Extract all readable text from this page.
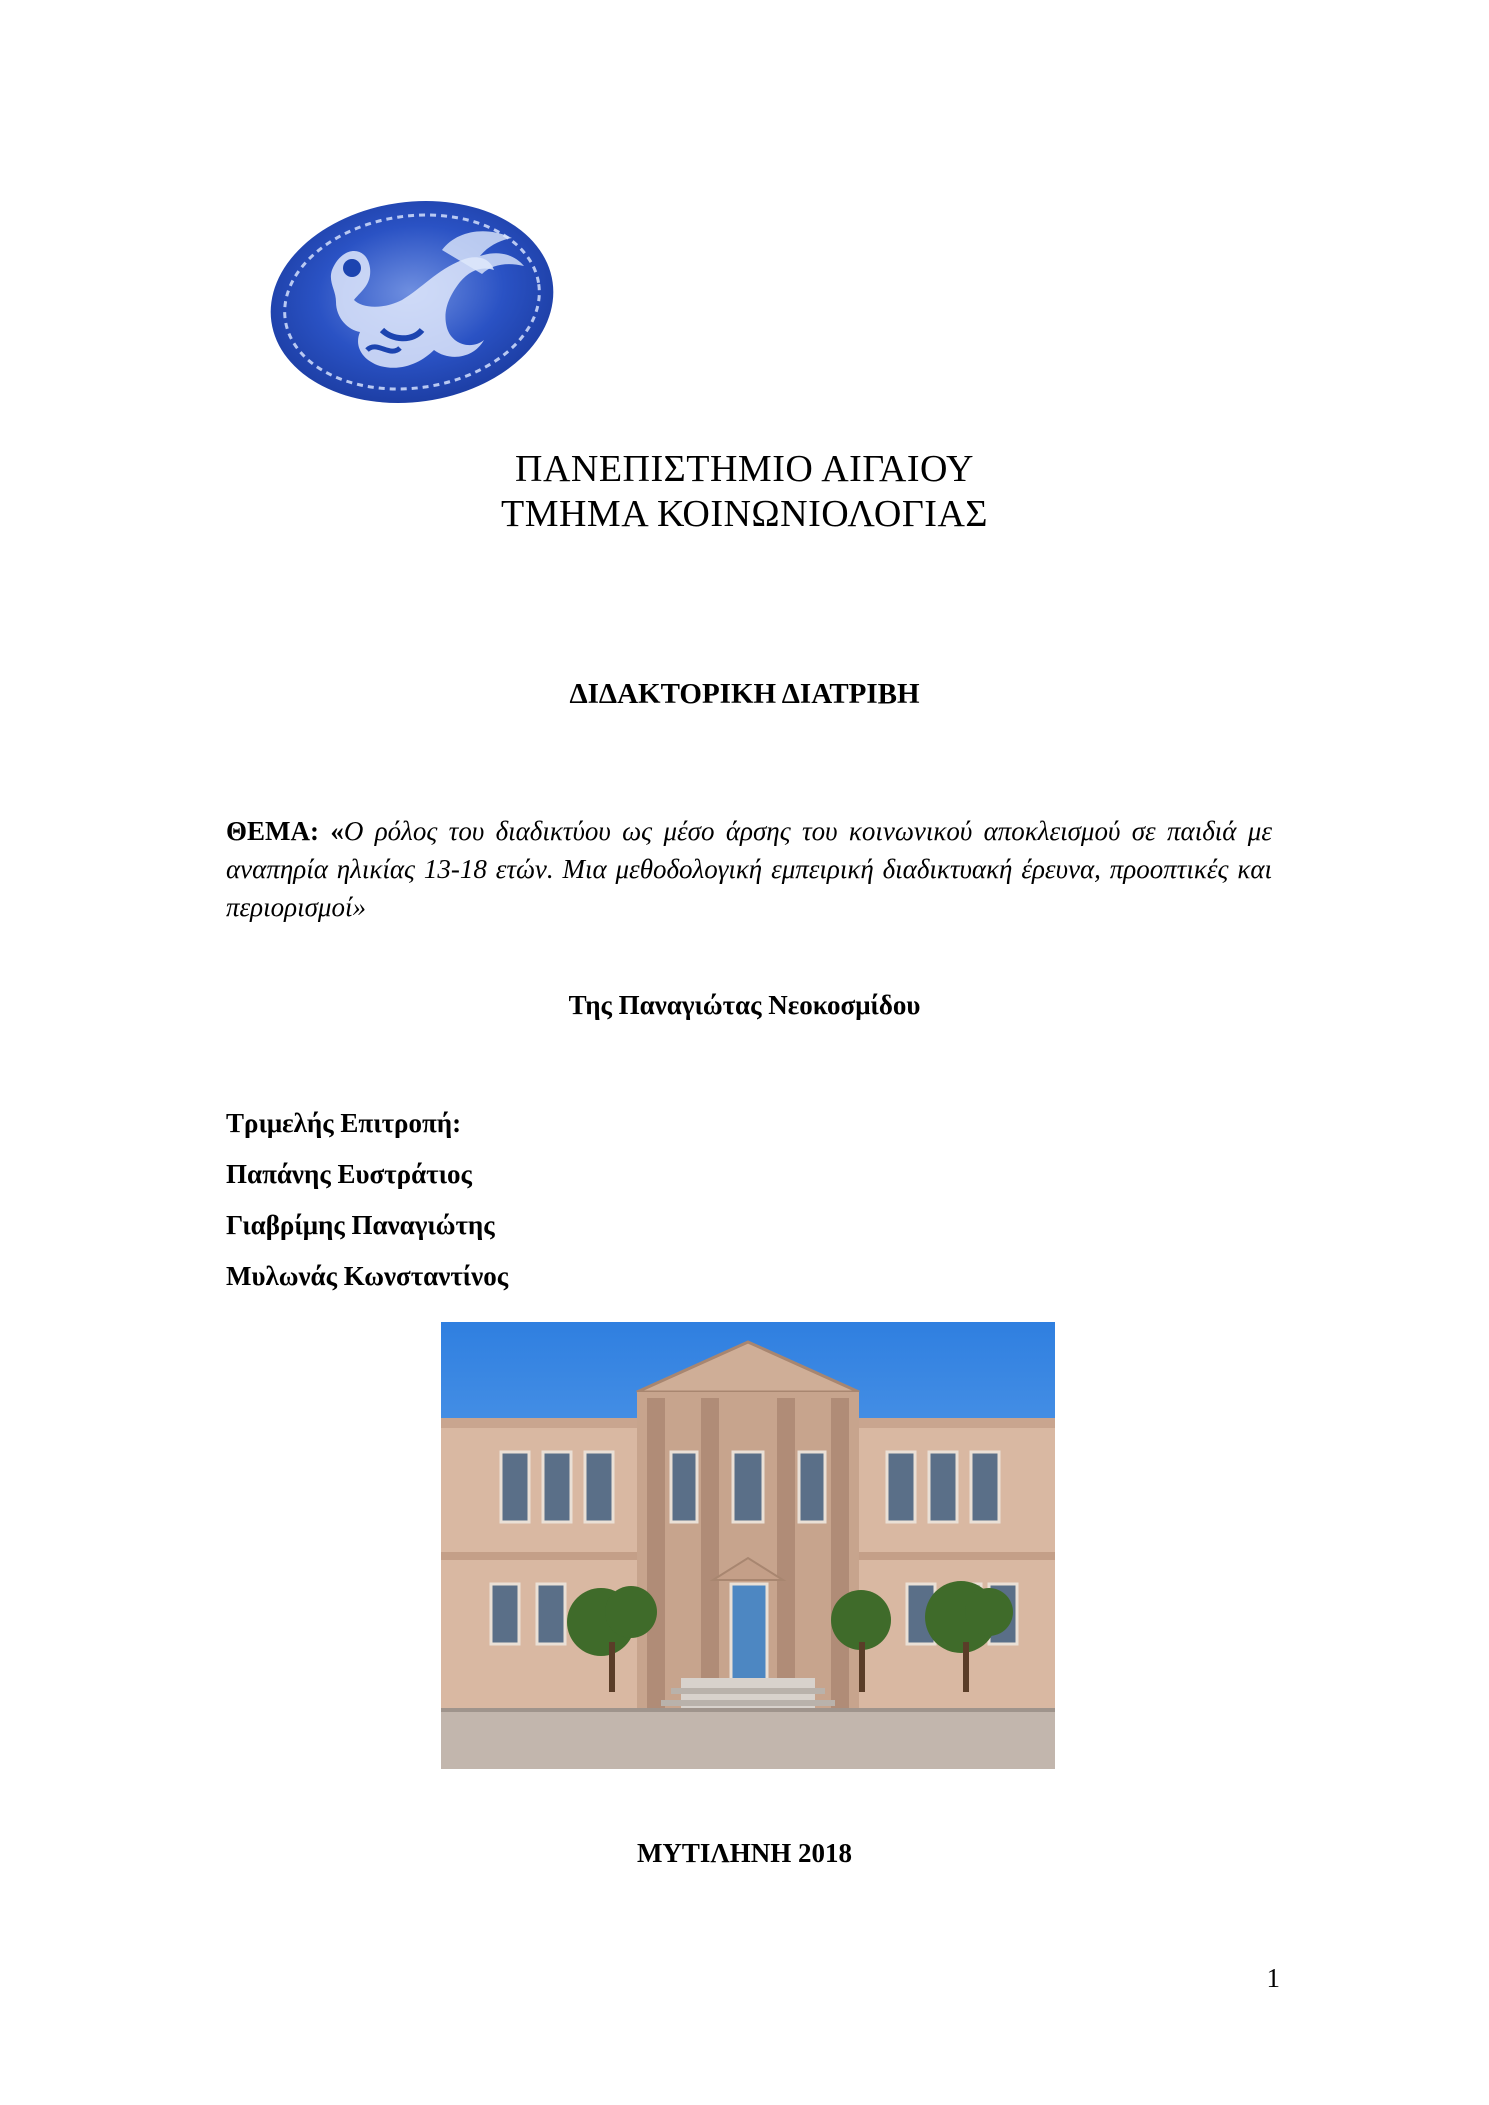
ΠΑΝΕΠΙΣΤΗΜΙΟ ΑΙΓΑΙΟΥ
ΤΜΗΜΑ ΚΟΙΝΩΝΙΟΛΟΓΙΑΣ
ΔΙΔΑΚΤΟΡΙΚΗ ΔΙΑΤΡΙΒΗ
ΘΕΜΑ: «Ο ρόλος του διαδικτύου ως μέσο άρσης του κοινωνικού αποκλεισμού σε παιδιά με αναπηρία ηλικίας 13-18 ετών. Μια μεθοδολογική εμπειρική διαδικτυακή έρευνα, προοπτικές και περιορισμοί»
Της Παναγιώτας Νεοκοσμίδου
Τριμελής Επιτροπή:
Παπάνης Ευστράτιος
Γιαβρίμης Παναγιώτης
Μυλωνάς Κωνσταντίνος
ΜΥΤΙΛΗΝΗ 2018
1
